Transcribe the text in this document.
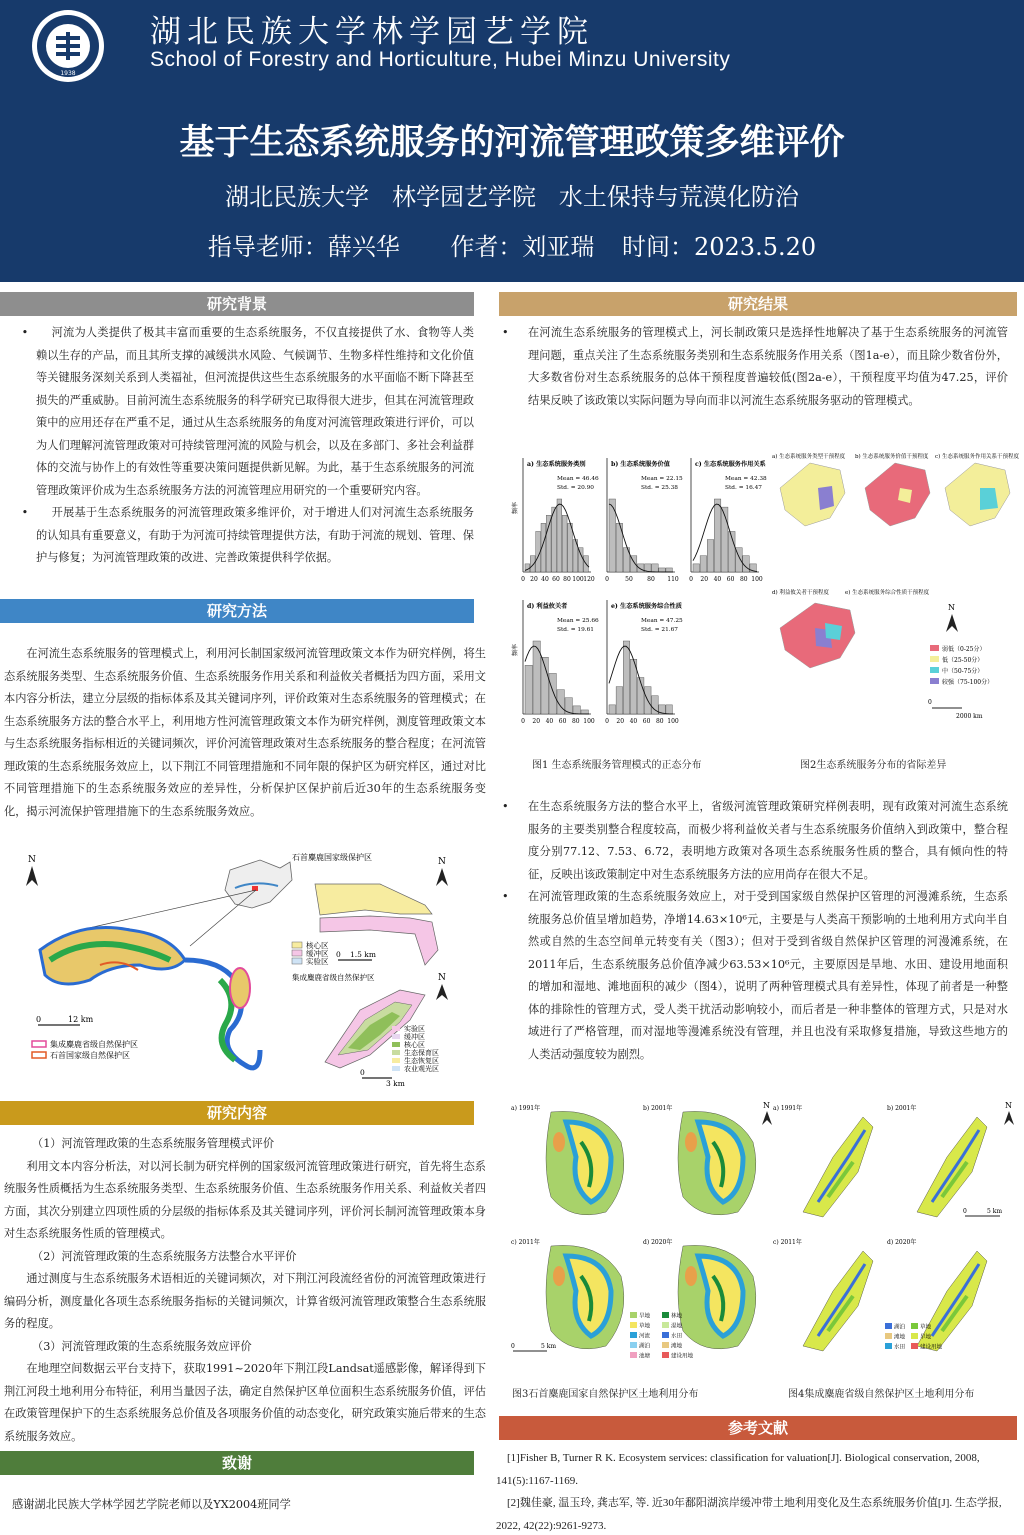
1938
湖北民族大学林学园艺学院
School of Forestry and Horticulture, Hubei Minzu University
基于生态系统服务的河流管理政策多维评价
湖北民族大学 林学园艺学院 水土保持与荒漠化防治
指导老师：薛兴华 作者：刘亚瑞 时间：2023.5.20
研究背景

• 河流为人类提供了极其丰富而重要的生态系统服务，不仅直接提供了水、食物等人类赖以生存的产品，而且其所支撑的减缓洪水风险、气候调节、生物多样性维持和文化价值等关键服务深刻关系到人类福祉，但河流提供这些生态系统服务的水平面临不断下降甚至损失的严重威胁。目前河流生态系统服务的科学研究已取得很大进步，但其在河流管理政策中的应用还存在严重不足，通过从生态系统服务的角度对河流管理政策进行评价，可以为人们理解河流管理政策对可持续管理河流的风险与机会，以及在多部门、多社会利益群体的交流与协作上的有效性等重要决策问题提供新见解。为此，基于生态系统服务的河流管理政策评价成为生态系统服务方法的河流管理应用研究的一个重要研究内容。

• 开展基于生态系统服务的河流管理政策多维评价，对于增进人们对河流生态系统服务的认知具有重要意义，有助于为河流可持续管理提供方法，有助于河流的规划、管理、保护与修复；为河流管理政策的改进、完善政策提供科学依据。

研究方法

在河流生态系统服务的管理模式上，利用河长制国家级河流管理政策文本作为研究样例，将生态系统服务类型、生态系统服务价值、生态系统服务作用关系和利益攸关者概括为四方面，采用文本内容分析法，建立分层级的指标体系及其关键词序列，评价政策对生态系统服务的管理模式；在生态系统服务方法的整合水平上，利用地方性河流管理政策文本作为研究样例，测度管理政策文本与生态系统服务指标相近的关键词频次，评价河流管理政策对生态系统服务的整合程度；在河流管理政策的生态系统服务效应上，以下荆江不同管理措施和不同年限的保护区为研究样区，通过对比不同管理措施下的生态系统服务效应的差异性，分析保护区保护前后近30年的生态系统服务变化，揭示河流保护管理措施下的生态系统服务效应。

N
0	12 km
集成麋鹿省级自然保护区
石首国家级自然保护区
石首麋鹿国家级保护区	N
核心区
缓冲区
实验区
0 1.5 km
集成麋鹿省级自然保护区	N
实验区
缓冲区
核心区
生态保育区
生态恢复区
农业观光区
0
3 km
研究内容

（1）河流管理政策的生态系统服务管理模式评价

利用文本内容分析法，对以河长制为研究样例的国家级河流管理政策进行研究，首先将生态系统服务性质概括为生态系统服务类型、生态系统服务价值、生态系统服务作用关系、利益攸关者四方面，其次分别建立四项性质的分层级的指标体系及其关键词序列，评价河长制河流管理政策本身对生态系统服务性质的管理模式。

（2）河流管理政策的生态系统服务方法整合水平评价

通过测度与生态系统服务术语相近的关键词频次，对下荆江河段流经省份的河流管理政策进行编码分析，测度量化各项生态系统服务指标的关键词频次，计算省级河流管理政策整合生态系统服务的程度。

（3）河流管理政策的生态系统服务效应评价

在地理空间数据云平台支持下，获取1991~2020年下荆江段Landsat遥感影像，解译得到下荆江河段土地利用分布特征，利用当量因子法，确定自然保护区单位面积生态系统服务价值，评估在政策管理保护下的生态系统服务总价值及各项服务价值的动态变化，研究政策实施后带来的生态系统服务效应。

致谢
感谢湖北民族大学林学园艺学院老师以及YX2004班同学
研究结果

• 在河流生态系统服务的管理模式上，河长制政策只是选择性地解决了基于生态系统服务的河流管理问题，重点关注了生态系统服务类别和生态系统服务作用关系（图1a-e），而且除少数省份外，大多数省份对生态系统服务的总体干预程度普遍较低(图2a-e），干预程度平均值为47.25，评价结果反映了该政策以实际问题为导向而非以河流生态系统服务驱动的管理模式。

a) 生态系统服务类别
Mean = 46.46
Std. = 20.90
频率
0 20 40 60 80 100 120
b) 生态系统服务价值
Mean = 22.15
Std. = 25.38
0	50 80 110
c) 生态系统服务作用关系
Mean = 42.38
Std. = 16.47
0 20 40 60 80 100
d) 利益攸关者
Mean = 25.66
Std. = 19.61
频率
0 20 40 60 80 100
e) 生态系统服务综合性质
Mean = 47.25
Std. = 21.67
0 20 40 60 80 100
a) 生态系统服务类型干预程度 b) 生态系统服务价值干预程度 c) 生态系统服务作用关系干预程度
d) 利益攸关者干预程度	e) 生态系统服务综合性质干预程度
N
弱低（0-25分）
低（25-50分）
中（50-75分）
较强（75-100分）
0
2000 km
图1 生态系统服务管理模式的正态分布	图2生态系统服务分布的省际差异

• 在生态系统服务方法的整合水平上，省级河流管理政策研究样例表明，现有政策对河流生态系统服务的主要类别整合程度较高，而极少将利益攸关者与生态系统服务价值纳入到政策中，整合程度分别77.12、7.53、6.72，表明地方政策对各项生态系统服务性质的整合，具有倾向性的特征，反映出该政策制定中对生态系统服务方法的应用尚存在很大不足。

• 在河流管理政策的生态系统服务效应上，对于受到国家级自然保护区管理的河漫滩系统，生态系统服务总价值呈增加趋势，净增14.63×10⁶元，主要是与人类高干预影响的土地利用方式向半自然或自然的生态空间单元转变有关（图3）；但对于受到省级自然保护区管理的河漫滩系统，在2011年后，生态系统服务总价值净减少63.53×10⁶元，主要原因是旱地、水田、建设用地面积的增加和湿地、滩地面积的减少（图4），说明了两种管理模式具有差异性，体现了前者是一种整体的排除性的管理方式，受人类干扰活动影响较小，而后者是一种非整体的管理方式，只是对水域进行了严格管理，而对湿地等漫滩系统没有管理，并且也没有采取修复措施，导致这些地方的人类活动强度较为剧烈。

a) 1991年	b) 2001年
c) 2011年	d) 2020年
旱地	林地
草地	湿地
河流	水田
湖泊	滩地
池塘	建设用地
0	5 km
a) 1991年	b) 2001年
c) 2011年	d) 2020年
N	N
湖泊	草地
滩地	旱地
水田	建设用地
0	5 km
图3石首麋鹿国家自然保护区土地利用分布	图4集成麋鹿省级自然保护区土地利用分布
参考文献

[1]Fisher B, Turner R K. Ecosystem services: classification for valuation[J]. Biological conservation, 2008, 141(5):1167-1169.

[2]魏佳豪, 温玉玲, 龚志军, 等. 近30年鄱阳湖滨岸缓冲带土地利用变化及生态系统服务价值[J]. 生态学报, 2022, 42(22):9261-9273.
